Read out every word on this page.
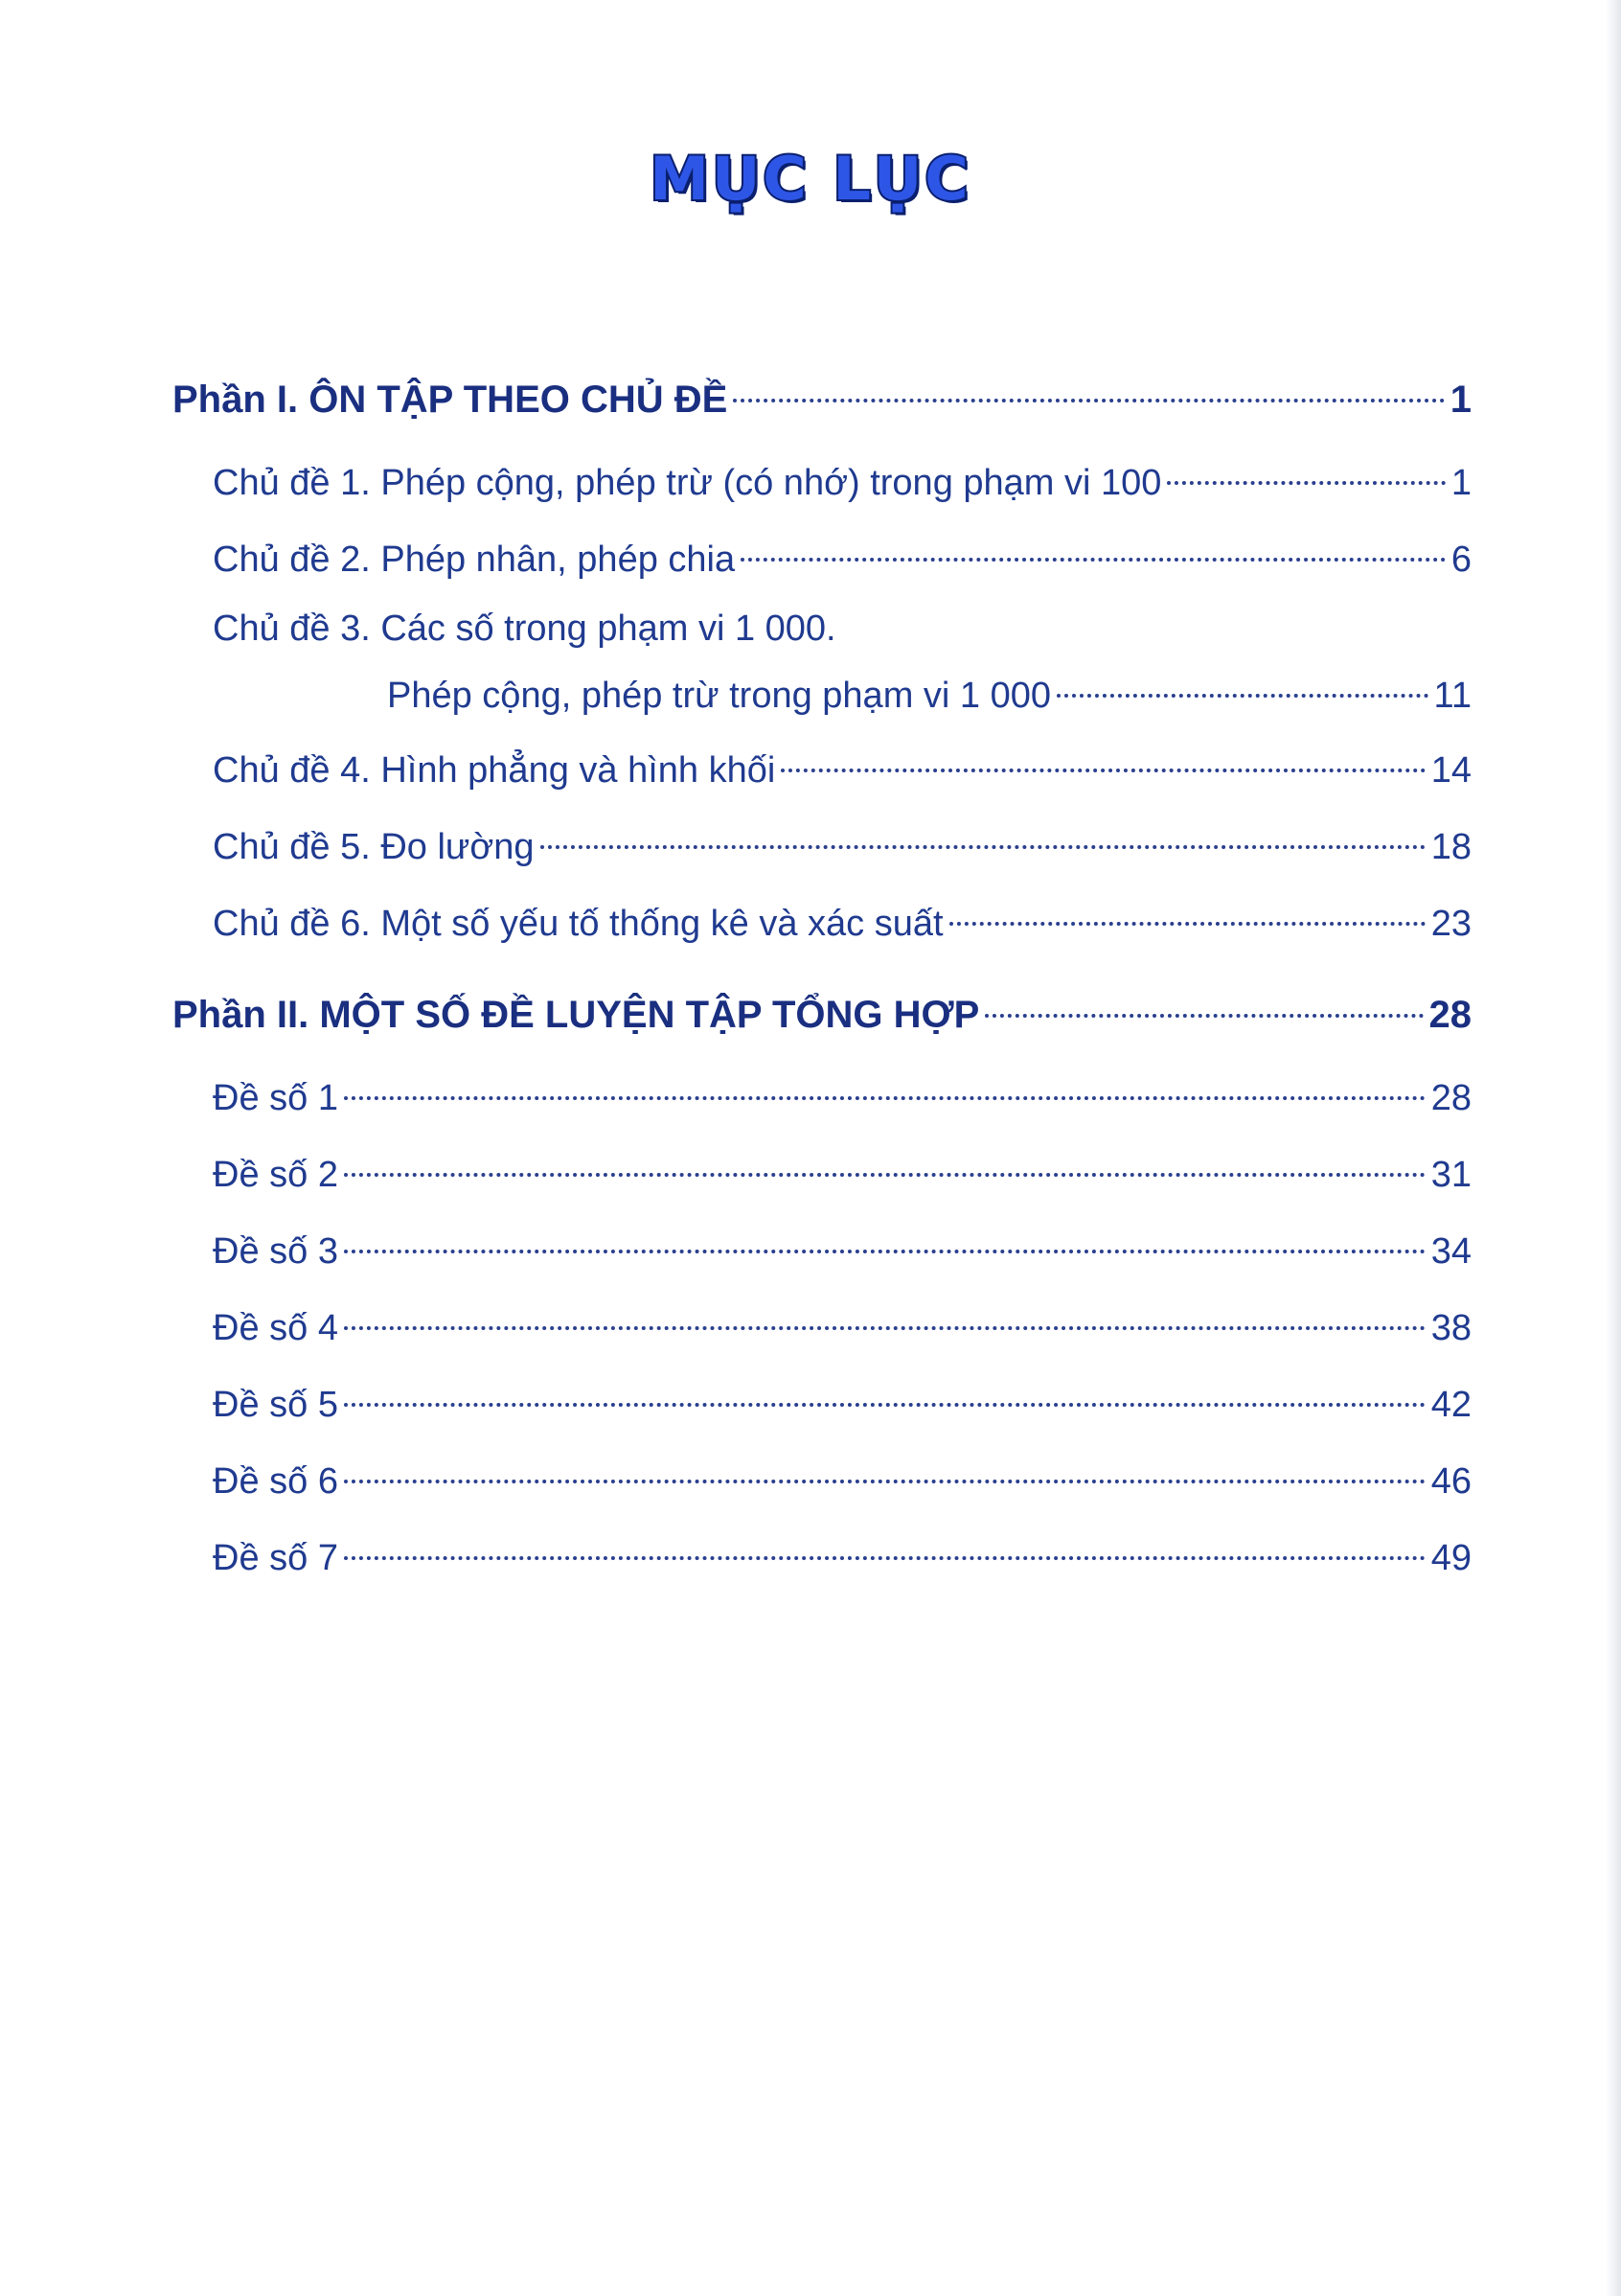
MỤC LỤC
Phần I. ÔN TẬP THEO CHỦ ĐỀ	1
Chủ đề 1. Phép cộng, phép trừ (có nhớ) trong phạm vi 100	1
Chủ đề 2. Phép nhân, phép chia	6
Chủ đề 3. Các số trong phạm vi 1 000.
Phép cộng, phép trừ trong phạm vi 1 000	11
Chủ đề 4. Hình phẳng và hình khối	14
Chủ đề 5. Đo lường	18
Chủ đề 6. Một số yếu tố thống kê và xác suất	23
Phần II. MỘT SỐ ĐỀ LUYỆN TẬP TỔNG HỢP	28
Đề số 1	28
Đề số 2	31
Đề số 3	34
Đề số 4	38
Đề số 5	42
Đề số 6	46
Đề số 7	49
